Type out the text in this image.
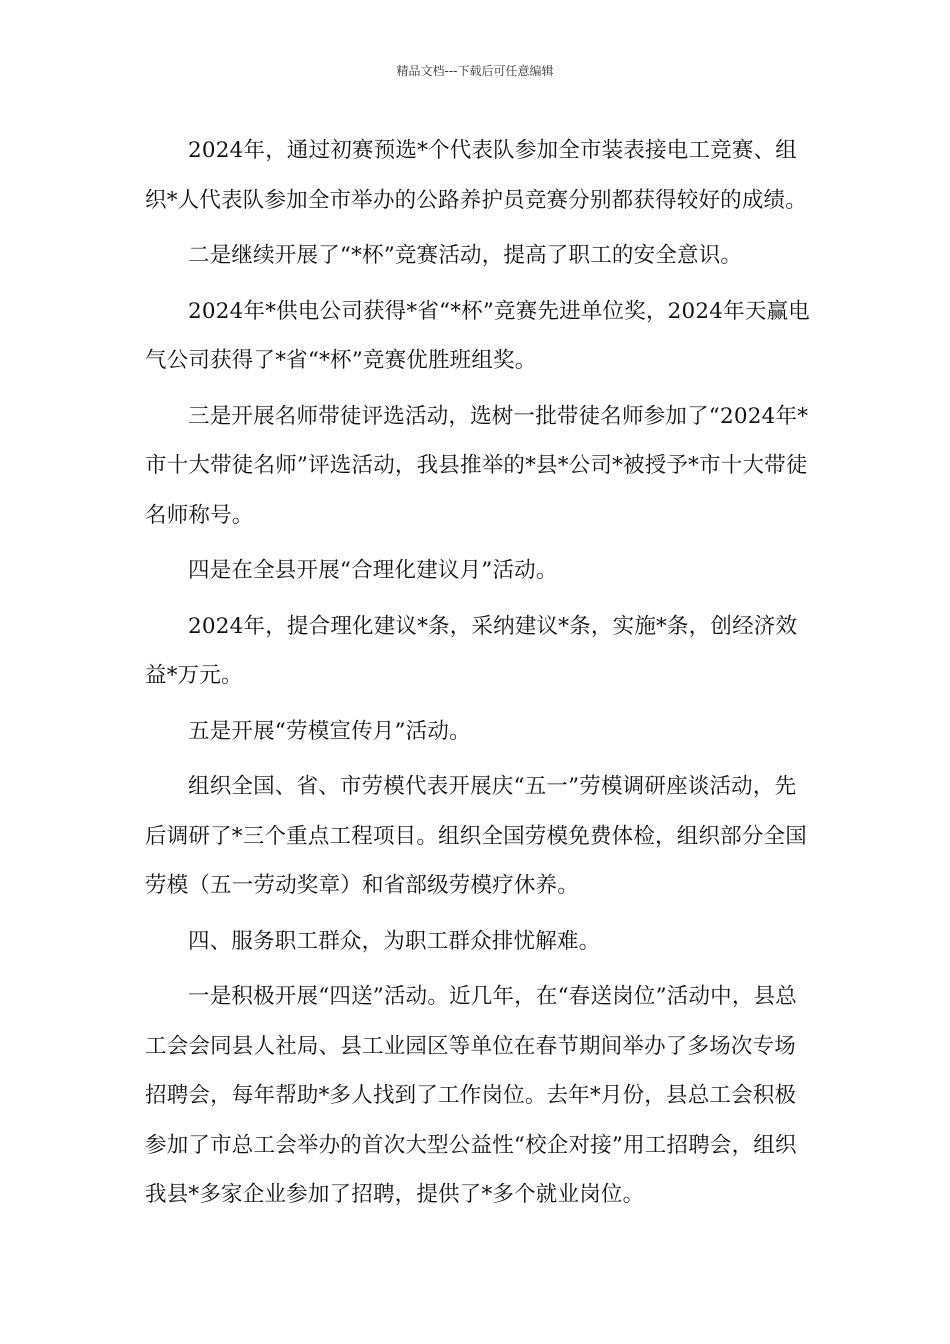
精品文档---下载后可任意编辑

2024年，通过初赛预选*个代表队参加全市装表接电工竞赛、组织*人代表队参加全市举办的公路养护员竞赛分别都获得较好的成绩。

二是继续开展了“*杯”竞赛活动，提高了职工的安全意识。

2024年*供电公司获得*省“*杯”竞赛先进单位奖，2024年天赢电气公司获得了*省“*杯”竞赛优胜班组奖。

三是开展名师带徒评选活动，选树一批带徒名师参加了“2024年*市十大带徒名师”评选活动，我县推举的*县*公司*被授予*市十大带徒名师称号。

四是在全县开展“合理化建议月”活动。

2024年，提合理化建议*条，采纳建议*条，实施*条，创经济效益*万元。

五是开展“劳模宣传月”活动。

组织全国、省、市劳模代表开展庆“五一”劳模调研座谈活动，先后调研了*三个重点工程项目。组织全国劳模免费体检，组织部分全国劳模（五一劳动奖章）和省部级劳模疗休养。

四、服务职工群众，为职工群众排忧解难。

一是积极开展“四送”活动。近几年，在“春送岗位”活动中，县总工会会同县人社局、县工业园区等单位在春节期间举办了多场次专场招聘会，每年帮助*多人找到了工作岗位。去年*月份，县总工会积极参加了市总工会举办的首次大型公益性“校企对接”用工招聘会，组织我县*多家企业参加了招聘，提供了*多个就业岗位。
